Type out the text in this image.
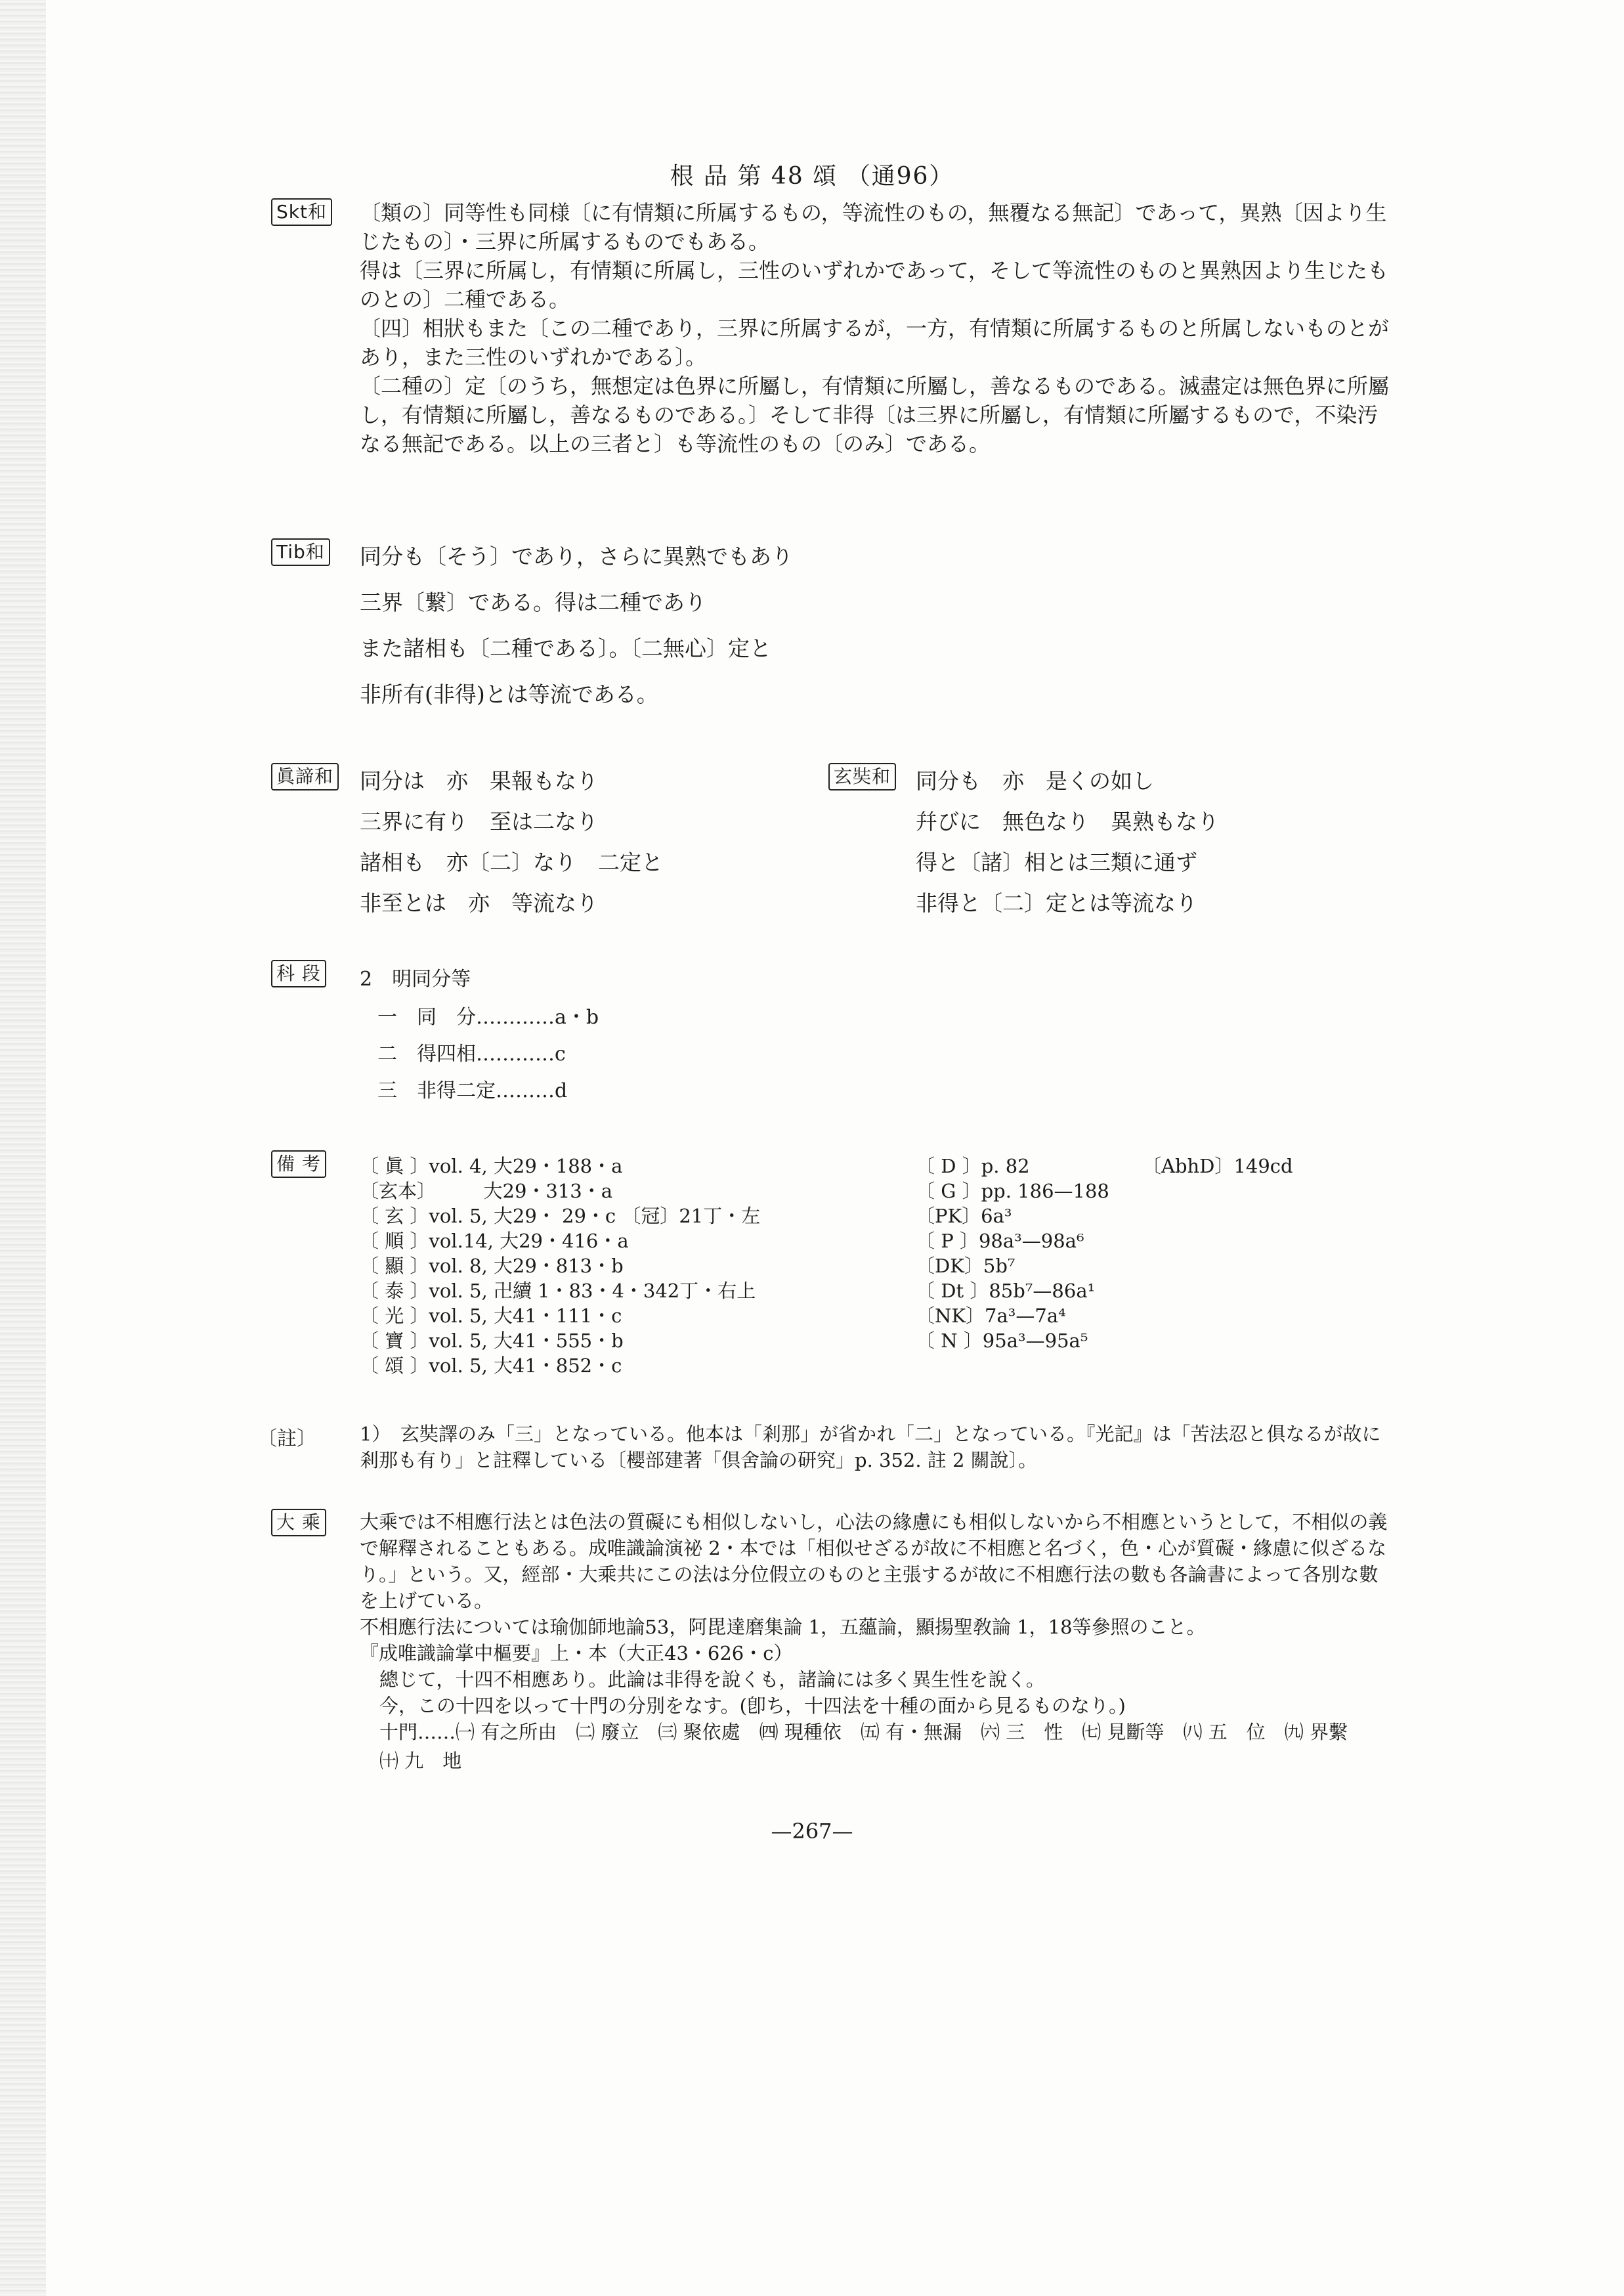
根 品 第 48 頌 （通96）
Skt和 〔類の〕同等性も同様〔に有情類に所属するもの，等流性のもの，無覆なる無記〕であって，異熟〔因より生じたもの〕・三界に所属するものでもある。
得は〔三界に所属し，有情類に所属し，三性のいずれかであって，そして等流性のものと異熟因より生じたものとの〕二種である。
〔四〕相狀もまた〔この二種であり，三界に所属するが，一方，有情類に所属するものと所属しないものとがあり，また三性のいずれかである〕。
〔二種の〕定〔のうち，無想定は色界に所屬し，有情類に所屬し，善なるものである。滅盡定は無色界に所屬し，有情類に所屬し，善なるものである。〕そして非得〔は三界に所屬し，有情類に所屬するもので，不染汚なる無記である。以上の三者と〕も等流性のもの〔のみ〕である。
Tib和 同分も〔そう〕であり，さらに異熟でもあり
三界〔繋〕である。得は二種であり
また諸相も〔二種である〕。〔二無心〕定と
非所有(非得)とは等流である。
眞諦和 同分は　亦　果報もなり
三界に有り　至は二なり
諸相も　亦〔二〕なり　二定と
非至とは　亦　等流なり
玄奘和 同分も　亦　是くの如し
幷びに　無色なり　異熟もなり
得と〔諸〕相とは三類に通ず
非得と〔二〕定とは等流なり
科 段 2　明同分等
一　同　分…………a・b
二　得四相…………c
三　非得二定………d
備 考 〔 眞 〕vol. 4, 大29・188・a
〔玄本〕　　　大29・313・a
〔 玄 〕vol. 5, 大29・ 29・c 〔冠〕21丁・左
〔 順 〕vol.14, 大29・416・a
〔 顯 〕vol. 8, 大29・813・b
〔 泰 〕vol. 5, 卍續 1・83・4・342丁・右上
〔 光 〕vol. 5, 大41・111・c
〔 寶 〕vol. 5, 大41・555・b
〔 頌 〕vol. 5, 大41・852・c
〔 D 〕p. 82
〔 G 〕pp. 186—188
〔PK〕6a³
〔 P 〕98a³—98a⁶
〔DK〕5b⁷
〔 Dt 〕85b⁷—86a¹
〔NK〕7a³—7a⁴
〔 N 〕95a³—95a⁵
〔AbhD〕149cd
〔註〕 1）　玄奘譯のみ「三」となっている。他本は「剎那」が省かれ「二」となっている。『光記』は「苦法忍と俱なるが故に剎那も有り」と註釋している〔櫻部建著「倶舍論の研究」p. 352. 註 2 關說〕。
大 乘 大乘では不相應行法とは色法の質礙にも相似しないし，心法の緣慮にも相似しないから不相應というとして，不相似の義で解釋されることもある。成唯識論演祕 2・本では「相似せざるが故に不相應と名づく，色・心が質礙・緣慮に似ざるなり。」という。又，經部・大乘共にこの法は分位假立のものと主張するが故に不相應行法の數も各論書によって各別な數を上げている。
不相應行法については瑜伽師地論53，阿毘達磨集論 1，五蘊論，顯揚聖敎論 1，18等參照のこと。
『成唯識論掌中樞要』上・本（大正43・626・c）
總じて，十四不相應あり。此論は非得を說くも，諸論には多く異生性を說く。
今，この十四を以って十門の分別をなす。(卽ち，十四法を十種の面から見るものなり。)
十門……㈠ 有之所由　㈡ 廢立　㈢ 聚依處　㈣ 現種依　㈤ 有・無漏　㈥ 三　性　㈦ 見斷等　㈧ 五　位　㈨ 界繫
㈩ 九　地
—267—
